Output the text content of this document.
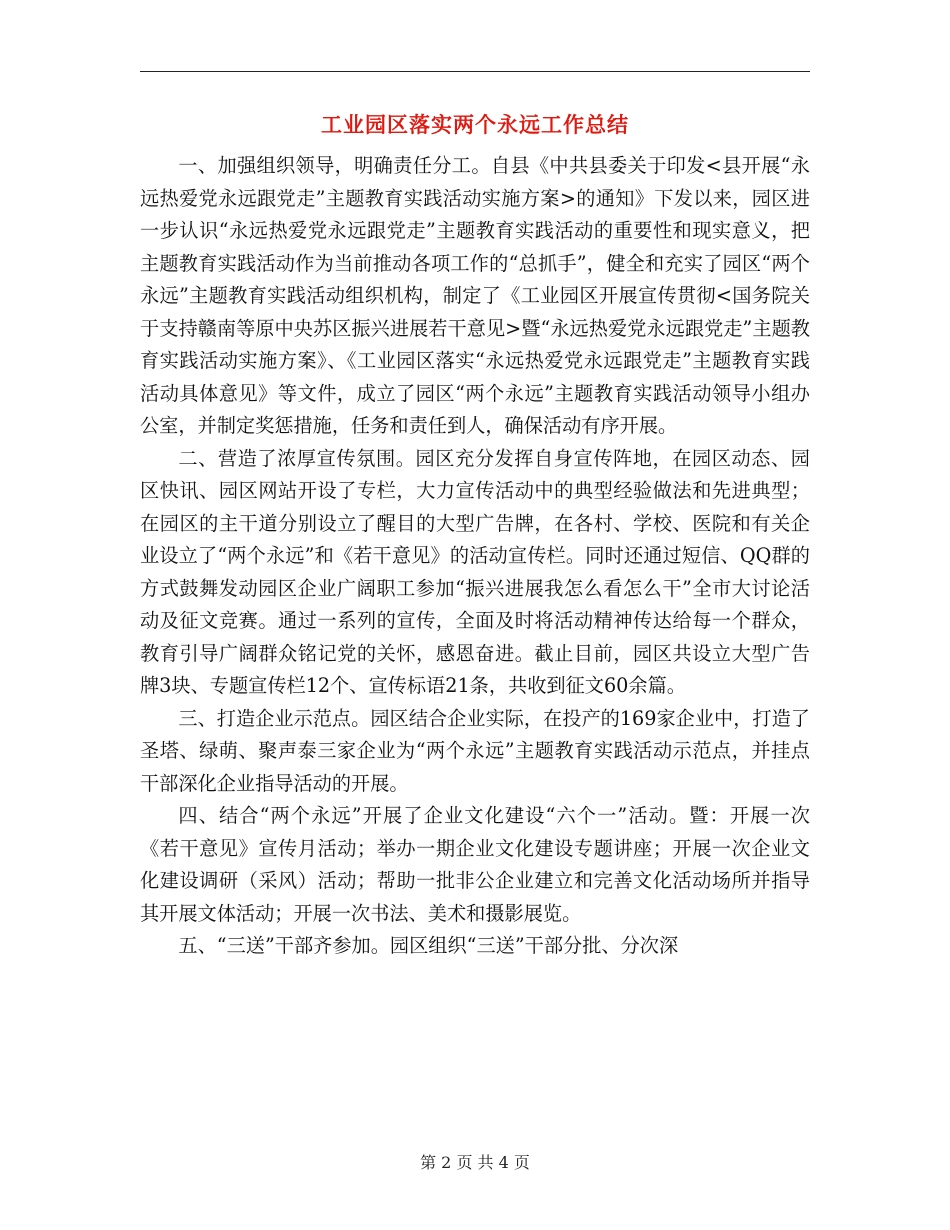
工业园区落实两个永远工作总结

一、加强组织领导，明确责任分工。自县《中共县委关于印发<县开展“永远热爱党永远跟党走”主题教育实践活动实施方案>的通知》下发以来，园区进一步认识“永远热爱党永远跟党走”主题教育实践活动的重要性和现实意义，把主题教育实践活动作为当前推动各项工作的“总抓手”，健全和充实了园区“两个永远”主题教育实践活动组织机构，制定了《工业园区开展宣传贯彻<国务院关于支持赣南等原中央苏区振兴进展若干意见>暨“永远热爱党永远跟党走”主题教育实践活动实施方案》、《工业园区落实“永远热爱党永远跟党走”主题教育实践活动具体意见》等文件，成立了园区“两个永远”主题教育实践活动领导小组办公室，并制定奖惩措施，任务和责任到人，确保活动有序开展。

二、营造了浓厚宣传氛围。园区充分发挥自身宣传阵地，在园区动态、园区快讯、园区网站开设了专栏，大力宣传活动中的典型经验做法和先进典型；在园区的主干道分别设立了醒目的大型广告牌，在各村、学校、医院和有关企业设立了“两个永远”和《若干意见》的活动宣传栏。同时还通过短信、QQ群的方式鼓舞发动园区企业广阔职工参加“振兴进展我怎么看怎么干”全市大讨论活动及征文竞赛。通过一系列的宣传，全面及时将活动精神传达给每一个群众，教育引导广阔群众铭记党的关怀，感恩奋进。截止目前，园区共设立大型广告牌3块、专题宣传栏12个、宣传标语21条，共收到征文60余篇。

三、打造企业示范点。园区结合企业实际，在投产的169家企业中，打造了圣塔、绿萌、聚声泰三家企业为“两个永远”主题教育实践活动示范点，并挂点干部深化企业指导活动的开展。

四、结合“两个永远”开展了企业文化建设“六个一”活动。暨：开展一次《若干意见》宣传月活动；举办一期企业文化建设专题讲座；开展一次企业文化建设调研（采风）活动；帮助一批非公企业建立和完善文化活动场所并指导其开展文体活动；开展一次书法、美术和摄影展览。

五、“三送”干部齐参加。园区组织“三送”干部分批、分次深

第 2 页 共 4 页
